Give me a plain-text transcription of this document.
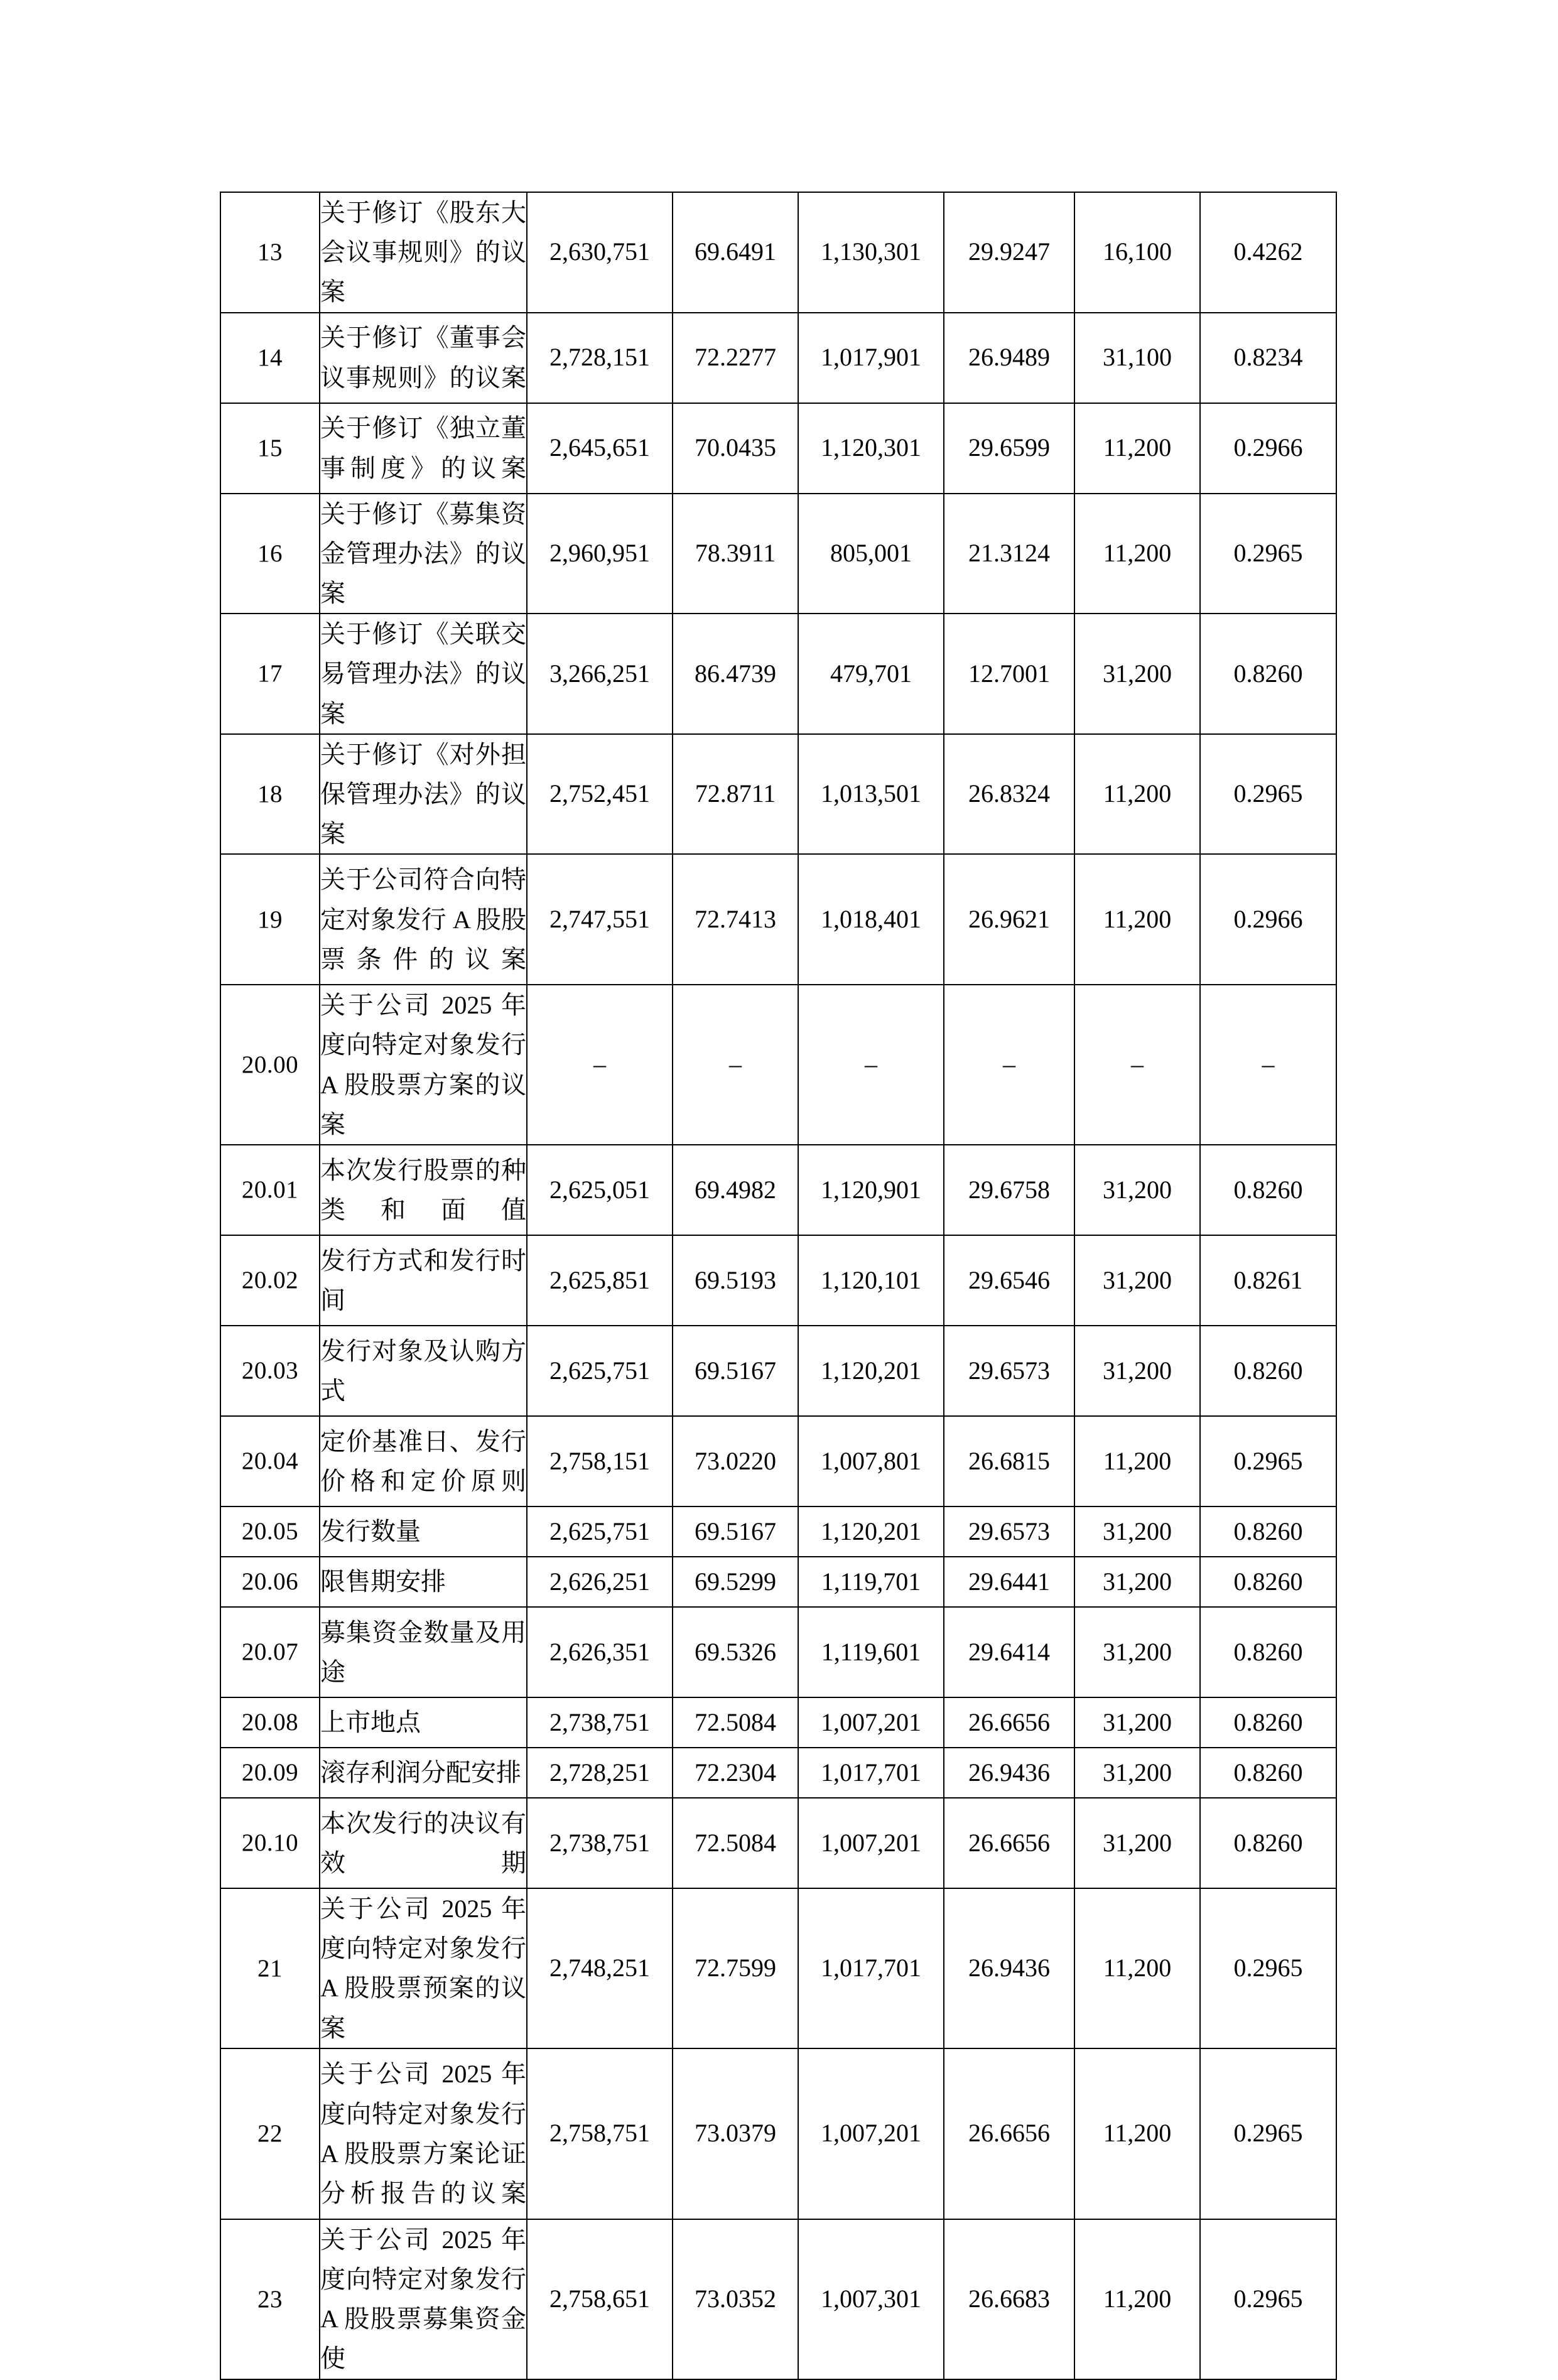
13	关于修订《股东大会议事规则》的议案	2,630,751	69.6491	1,130,301	29.9247	16,100	0.4262
14	关于修订《董事会议事规则》的议案	2,728,151	72.2277	1,017,901	26.9489	31,100	0.8234
15	关于修订《独立董事制度》的议案	2,645,651	70.0435	1,120,301	29.6599	11,200	0.2966
16	关于修订《募集资金管理办法》的议案	2,960,951	78.3911	805,001	21.3124	11,200	0.2965
17	关于修订《关联交易管理办法》的议案	3,266,251	86.4739	479,701	12.7001	31,200	0.8260
18	关于修订《对外担保管理办法》的议案	2,752,451	72.8711	1,013,501	26.8324	11,200	0.2965
19	关于公司符合向特定对象发行 A 股股票条件的议案	2,747,551	72.7413	1,018,401	26.9621	11,200	0.2966
20.00	关于公司 2025 年度向特定对象发行 A 股股票方案的议案	–	–	–	–	–	–
20.01	本次发行股票的种类和面值	2,625,051	69.4982	1,120,901	29.6758	31,200	0.8260
20.02	发行方式和发行时间	2,625,851	69.5193	1,120,101	29.6546	31,200	0.8261
20.03	发行对象及认购方式	2,625,751	69.5167	1,120,201	29.6573	31,200	0.8260
20.04	定价基准日、发行价格和定价原则	2,758,151	73.0220	1,007,801	26.6815	11,200	0.2965
20.05	发行数量	2,625,751	69.5167	1,120,201	29.6573	31,200	0.8260
20.06	限售期安排	2,626,251	69.5299	1,119,701	29.6441	31,200	0.8260
20.07	募集资金数量及用途	2,626,351	69.5326	1,119,601	29.6414	31,200	0.8260
20.08	上市地点	2,738,751	72.5084	1,007,201	26.6656	31,200	0.8260
20.09	滚存利润分配安排	2,728,251	72.2304	1,017,701	26.9436	31,200	0.8260
20.10	本次发行的决议有效期	2,738,751	72.5084	1,007,201	26.6656	31,200	0.8260
21	关于公司 2025 年度向特定对象发行 A 股股票预案的议案	2,748,251	72.7599	1,017,701	26.9436	11,200	0.2965
22	关于公司 2025 年度向特定对象发行 A 股股票方案论证分析报告的议案	2,758,751	73.0379	1,007,201	26.6656	11,200	0.2965
23	关于公司 2025 年度向特定对象发行 A 股股票募集资金使	2,758,651	73.0352	1,007,301	26.6683	11,200	0.2965
